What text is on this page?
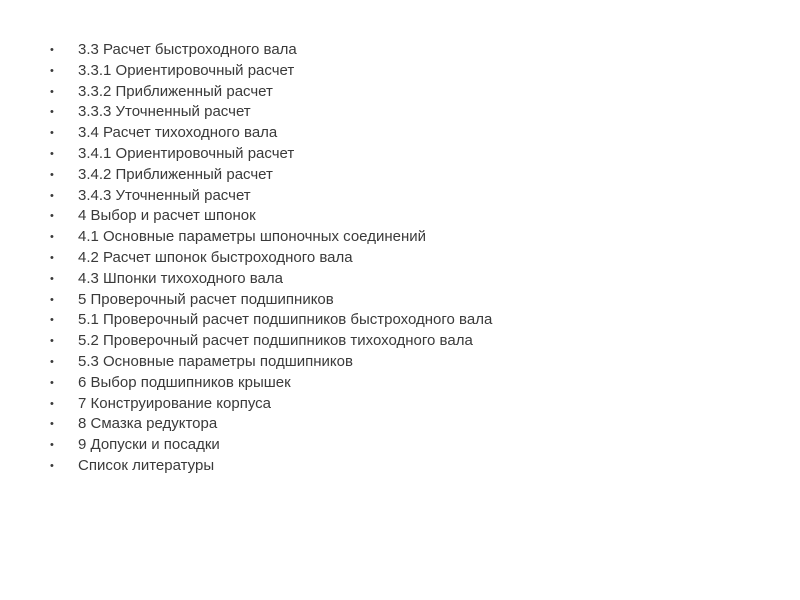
•	3.3 Расчет быстроходного вала
•	3.3.1 Ориентировочный расчет
•	3.3.2 Приближенный расчет
•	3.3.3 Уточненный расчет
•	3.4 Расчет тихоходного вала
•	3.4.1 Ориентировочный расчет
•	3.4.2 Приближенный расчет
•	3.4.3 Уточненный расчет
•	4 Выбор и расчет шпонок
•	4.1 Основные параметры шпоночных соединений
•	4.2 Расчет шпонок быстроходного вала
•	4.3 Шпонки тихоходного вала
•	5 Проверочный расчет подшипников
•	5.1 Проверочный расчет подшипников быстроходного вала
•	5.2 Проверочный расчет подшипников тихоходного вала
•	5.3 Основные параметры подшипников
•	6 Выбор подшипников крышек
•	7 Конструирование корпуса
•	8 Смазка редуктора
•	9 Допуски и посадки
•	Список литературы
